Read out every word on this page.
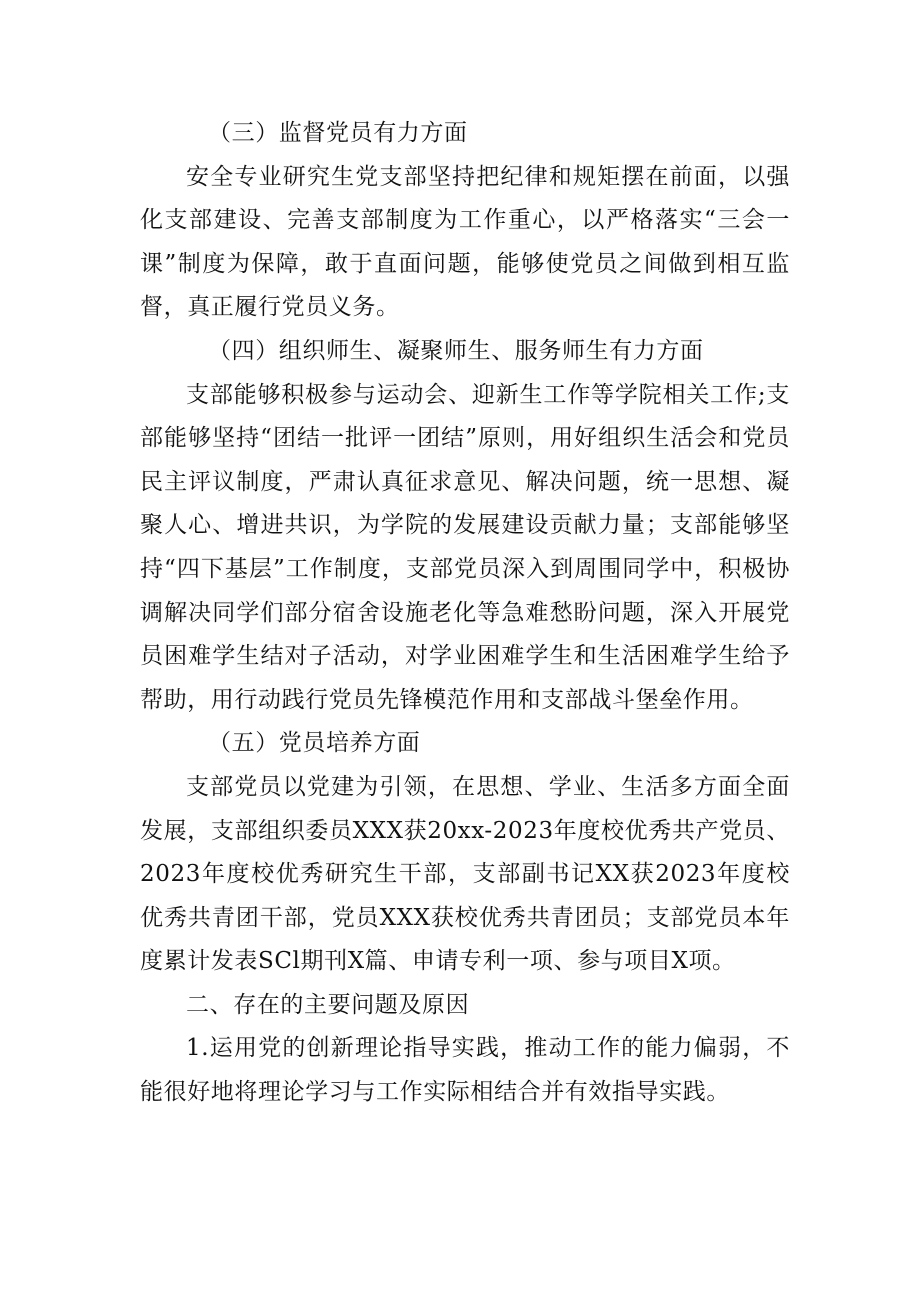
（三）监督党员有力方面

安全专业研究生党支部坚持把纪律和规矩摆在前面，以强化支部建设、完善支部制度为工作重心，以严格落实“三会一课”制度为保障，敢于直面问题，能够使党员之间做到相互监督，真正履行党员义务。

（四）组织师生、凝聚师生、服务师生有力方面

支部能够积极参与运动会、迎新生工作等学院相关工作;支部能够坚持“团结一批评一团结”原则，用好组织生活会和党员民主评议制度，严肃认真征求意见、解决问题，统一思想、凝聚人心、增进共识，为学院的发展建设贡献力量；支部能够坚持“四下基层”工作制度，支部党员深入到周围同学中，积极协调解决同学们部分宿舍设施老化等急难愁盼问题，深入开展党员困难学生结对子活动，对学业困难学生和生活困难学生给予帮助，用行动践行党员先锋模范作用和支部战斗堡垒作用。

（五）党员培养方面

支部党员以党建为引领，在思想、学业、生活多方面全面发展，支部组织委员XXX获20xx-2023年度校优秀共产党员、2023年度校优秀研究生干部，支部副书记XX获2023年度校优秀共青团干部，党员XXX获校优秀共青团员；支部党员本年度累计发表SCl期刊X篇、申请专利一项、参与项目X项。

二、存在的主要问题及原因

1.运用党的创新理论指导实践，推动工作的能力偏弱，不能很好地将理论学习与工作实际相结合并有效指导实践。
